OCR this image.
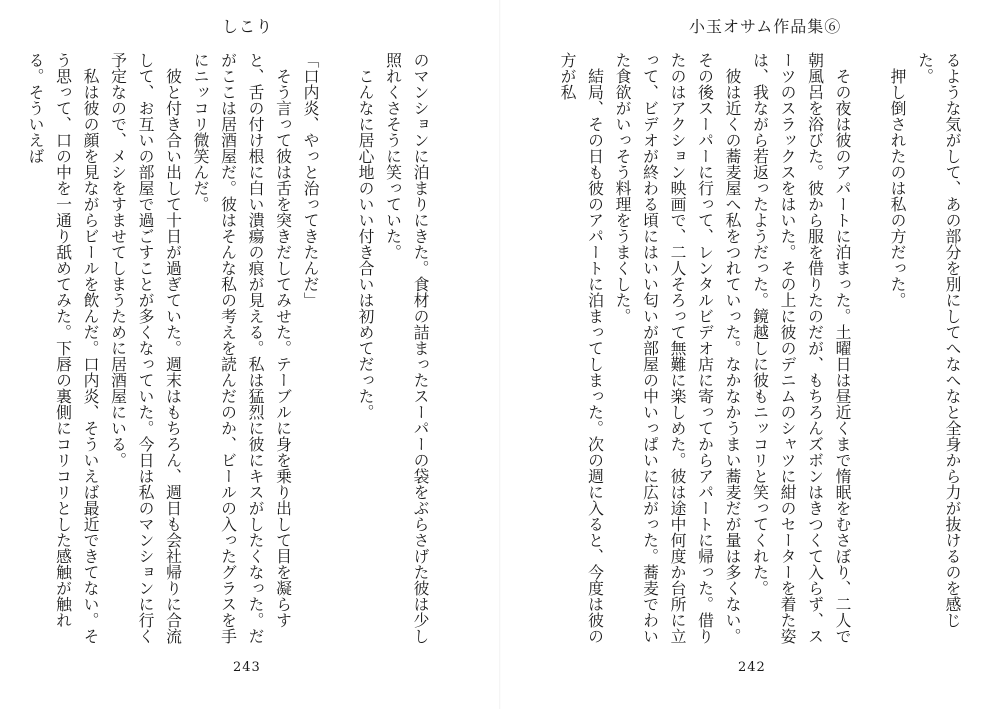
小玉オサム作品集⑥

るような気がして、あの部分を別にしてへなへなと全身から力が抜けるのを感じた。

　押し倒されたのは私の方だった。

　その夜は彼のアパートに泊まった。土曜日は昼近くまで惰眠をむさぼり、二人で朝風呂を浴びた。彼から服を借りたのだが、もちろんズボンはきつくて入らず、スーツのスラックスをはいた。その上に彼のデニムのシャツに紺のセーターを着た姿は、我ながら若返ったようだった。鏡越しに彼もニッコリと笑ってくれた。

　彼は近くの蕎麦屋へ私をつれていった。なかなかうまい蕎麦だが量は多くない。その後スーパーに行って、レンタルビデオ店に寄ってからアパートに帰った。借りたのはアクション映画で、二人そろって無難に楽しめた。彼は途中何度か台所に立って、ビデオが終わる頃にはいい匂いが部屋の中いっぱいに広がった。蕎麦でわいた食欲がいっそう料理をうまくした。

　結局、その日も彼のアパートに泊まってしまった。次の週に入ると、今度は彼の方が私

242
しこり

のマンションに泊まりにきた。食材の詰まったスーパーの袋をぶらさげた彼は少し照れくさそうに笑っていた。

　こんなに居心地のいい付き合いは初めてだった。

「口内炎、やっと治ってきたんだ」

　そう言って彼は舌を突きだしてみせた。テーブルに身を乗り出して目を凝らすと、舌の付け根に白い潰瘍の痕が見える。私は猛烈に彼にキスがしたくなった。だがここは居酒屋だ。彼はそんな私の考えを読んだのか、ビールの入ったグラスを手にニッコリ微笑んだ。

　彼と付き合い出して十日が過ぎていた。週末はもちろん、週日も会社帰りに合流して、お互いの部屋で過ごすことが多くなっていた。今日は私のマンションに行く予定なので、メシをすませてしまうために居酒屋にいる。

　私は彼の顔を見ながらビールを飲んだ。口内炎、そういえば最近できてない。そう思って、口の中を一通り舐めてみた。下唇の裏側にコリコリとした感触が触れる。そういえば

243
